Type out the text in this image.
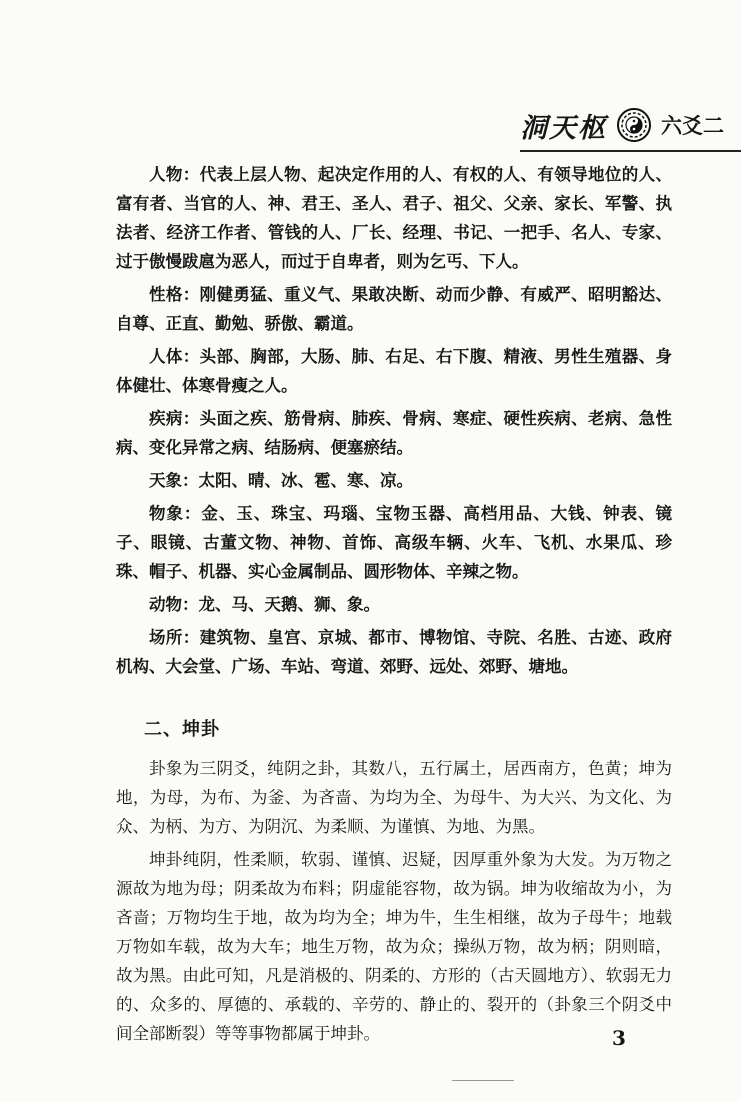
洞天枢	六爻二

人物：代表上层人物、起决定作用的人、有权的人、有领导地位的人、富有者、当官的人、神、君王、圣人、君子、祖父、父亲、家长、军警、执法者、经济工作者、管钱的人、厂长、经理、书记、一把手、名人、专家、过于傲慢跋扈为恶人，而过于自卑者，则为乞丐、下人。

性格：刚健勇猛、重义气、果敢决断、动而少静、有威严、昭明豁达、自尊、正直、勤勉、骄傲、霸道。

人体：头部、胸部，大肠、肺、右足、右下腹、精液、男性生殖器、身体健壮、体寒骨瘦之人。

疾病：头面之疾、筋骨病、肺疾、骨病、寒症、硬性疾病、老病、急性病、变化异常之病、结肠病、便塞瘀结。

天象：太阳、晴、冰、雹、寒、凉。

物象：金、玉、珠宝、玛瑙、宝物玉器、高档用品、大钱、钟表、镜子、眼镜、古董文物、神物、首饰、高级车辆、火车、飞机、水果瓜、珍珠、帽子、机器、实心金属制品、圆形物体、辛辣之物。

动物：龙、马、天鹅、狮、象。

场所：建筑物、皇宫、京城、都市、博物馆、寺院、名胜、古迹、政府机构、大会堂、广场、车站、弯道、郊野、远处、郊野、塘地。

二、坤卦

卦象为三阴爻，纯阴之卦，其数八，五行属土，居西南方，色黄；坤为地，为母，为布、为釜、为吝啬、为均为全、为母牛、为大兴、为文化、为众、为柄、为方、为阴沉、为柔顺、为谨慎、为地、为黑。

坤卦纯阴，性柔顺，软弱、谨慎、迟疑，因厚重外象为大发。为万物之源故为地为母；阴柔故为布料；阴虚能容物，故为锅。坤为收缩故为小，为吝啬；万物均生于地，故为均为全；坤为牛，生生相继，故为子母牛；地载万物如车载，故为大车；地生万物，故为众；操纵万物，故为柄；阴则暗，故为黑。由此可知，凡是消极的、阴柔的、方形的（古天圆地方）、软弱无力的、众多的、厚德的、承载的、辛劳的、静止的、裂开的（卦象三个阴爻中间全部断裂）等等事物都属于坤卦。	3
